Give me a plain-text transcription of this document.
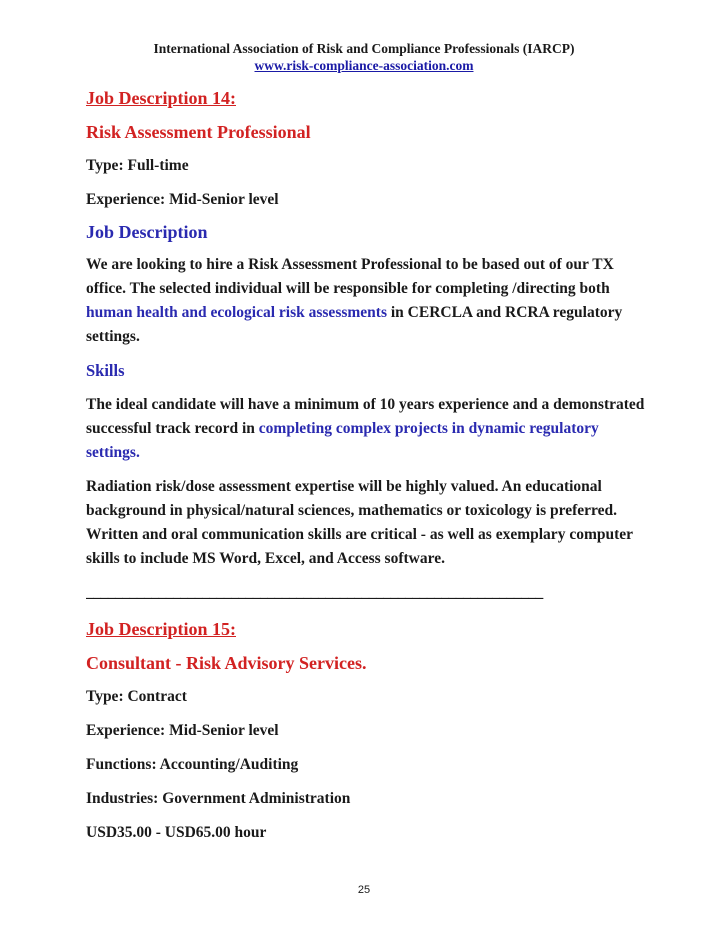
International Association of Risk and Compliance Professionals (IARCP)
www.risk-compliance-association.com

Job Description 14:

Risk Assessment Professional

Type: Full-time

Experience: Mid-Senior level

Job Description

We are looking to hire a Risk Assessment Professional to be based out of our TX office. The selected individual will be responsible for completing /directing both human health and ecological risk assessments in CERCLA and RCRA regulatory settings.

Skills

The ideal candidate will have a minimum of 10 years experience and a demonstrated successful track record in completing complex projects in dynamic regulatory settings.

Radiation risk/dose assessment expertise will be highly valued. An educational background in physical/natural sciences, mathematics or toxicology is preferred. Written and oral communication skills are critical - as well as exemplary computer skills to include MS Word, Excel, and Access software.

_______________________________________________________________

Job Description 15:

Consultant - Risk Advisory Services.

Type: Contract

Experience: Mid-Senior level

Functions: Accounting/Auditing

Industries: Government Administration

USD35.00 - USD65.00 hour

25
